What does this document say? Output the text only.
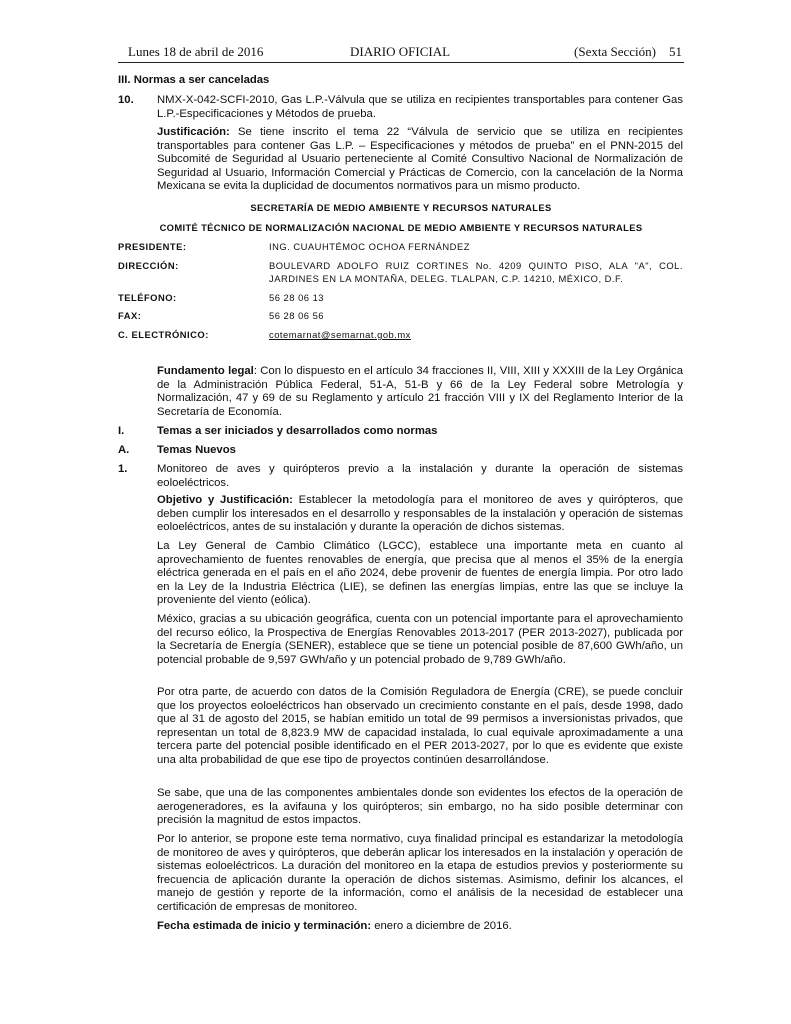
Lunes 18 de abril de 2016	DIARIO OFICIAL	(Sexta Sección) 51
III. Normas a ser canceladas
10. NMX-X-042-SCFI-2010, Gas L.P.-Válvula que se utiliza en recipientes transportables para contener Gas L.P.-Especificaciones y Métodos de prueba.
Justificación: Se tiene inscrito el tema 22 “Válvula de servicio que se utiliza en recipientes transportables para contener Gas L.P. – Especificaciones y métodos de prueba” en el PNN-2015 del Subcomité de Seguridad al Usuario perteneciente al Comité Consultivo Nacional de Normalización de Seguridad al Usuario, Información Comercial y Prácticas de Comercio, con la cancelación de la Norma Mexicana se evita la duplicidad de documentos normativos para un mismo producto.
SECRETARÍA DE MEDIO AMBIENTE Y RECURSOS NATURALES
COMITÉ TÉCNICO DE NORMALIZACIÓN NACIONAL DE MEDIO AMBIENTE Y RECURSOS NATURALES
PRESIDENTE:	ING. CUAUHTÉMOC OCHOA FERNÁNDEZ
DIRECCIÓN:	BOULEVARD ADOLFO RUIZ CORTINES No. 4209 QUINTO PISO, ALA "A", COL.
JARDINES EN LA MONTAÑA, DELEG. TLALPAN, C.P. 14210, MÉXICO, D.F.
TELÉFONO:	56 28 06 13
FAX:	56 28 06 56
C. ELECTRÓNICO:	cotemarnat@semarnat.gob.mx
Fundamento legal: Con lo dispuesto en el artículo 34 fracciones II, VIII, XIII y XXXIII de la Ley Orgánica de la Administración Pública Federal, 51-A, 51-B y 66 de la Ley Federal sobre Metrología y Normalización, 47 y 69 de su Reglamento y artículo 21 fracción VIII y IX del Reglamento Interior de la Secretaría de Economía.
I.	Temas a ser iniciados y desarrollados como normas
A. Temas Nuevos
1.	Monitoreo de aves y quirópteros previo a la instalación y durante la operación de sistemas eoloeléctricos.
Objetivo y Justificación: Establecer la metodología para el monitoreo de aves y quirópteros, que deben cumplir los interesados en el desarrollo y responsables de la instalación y operación de sistemas eoloeléctricos, antes de su instalación y durante la operación de dichos sistemas.
La Ley General de Cambio Climático (LGCC), establece una importante meta en cuanto al aprovechamiento de fuentes renovables de energía, que precisa que al menos el 35% de la energía eléctrica generada en el país en el año 2024, debe provenir de fuentes de energía limpia. Por otro lado en la Ley de la Industria Eléctrica (LIE), se definen las energías limpias, entre las que se incluye la proveniente del viento (eólica).
México, gracias a su ubicación geográfica, cuenta con un potencial importante para el aprovechamiento del recurso eólico, la Prospectiva de Energías Renovables 2013-2017 (PER 2013-2027), publicada por la Secretaría de Energía (SENER), establece que se tiene un potencial posible de 87,600 GWh/año, un potencial probable de 9,597 GWh/año y un potencial probado de 9,789 GWh/año.
Por otra parte, de acuerdo con datos de la Comisión Reguladora de Energía (CRE), se puede concluir que los proyectos eoloeléctricos han observado un crecimiento constante en el país, desde 1998, dado que al 31 de agosto del 2015, se habían emitido un total de 99 permisos a inversionistas privados, que representan un total de 8,823.9 MW de capacidad instalada, lo cual equivale aproximadamente a una tercera parte del potencial posible identificado en el PER 2013-2027, por lo que es evidente que existe una alta probabilidad de que ese tipo de proyectos continúen desarrollándose.
Se sabe, que una de las componentes ambientales donde son evidentes los efectos de la operación de aerogeneradores, es la avifauna y los quirópteros; sin embargo, no ha sido posible determinar con precisión la magnitud de estos impactos.
Por lo anterior, se propone este tema normativo, cuya finalidad principal es estandarizar la metodología de monitoreo de aves y quirópteros, que deberán aplicar los interesados en la instalación y operación de sistemas eoloeléctricos. La duración del monitoreo en la etapa de estudios previos y posteriormente su frecuencia de aplicación durante la operación de dichos sistemas. Asimismo, definir los alcances, el manejo de gestión y reporte de la información, como el análisis de la necesidad de establecer una certificación de empresas de monitoreo.
Fecha estimada de inicio y terminación: enero a diciembre de 2016.
